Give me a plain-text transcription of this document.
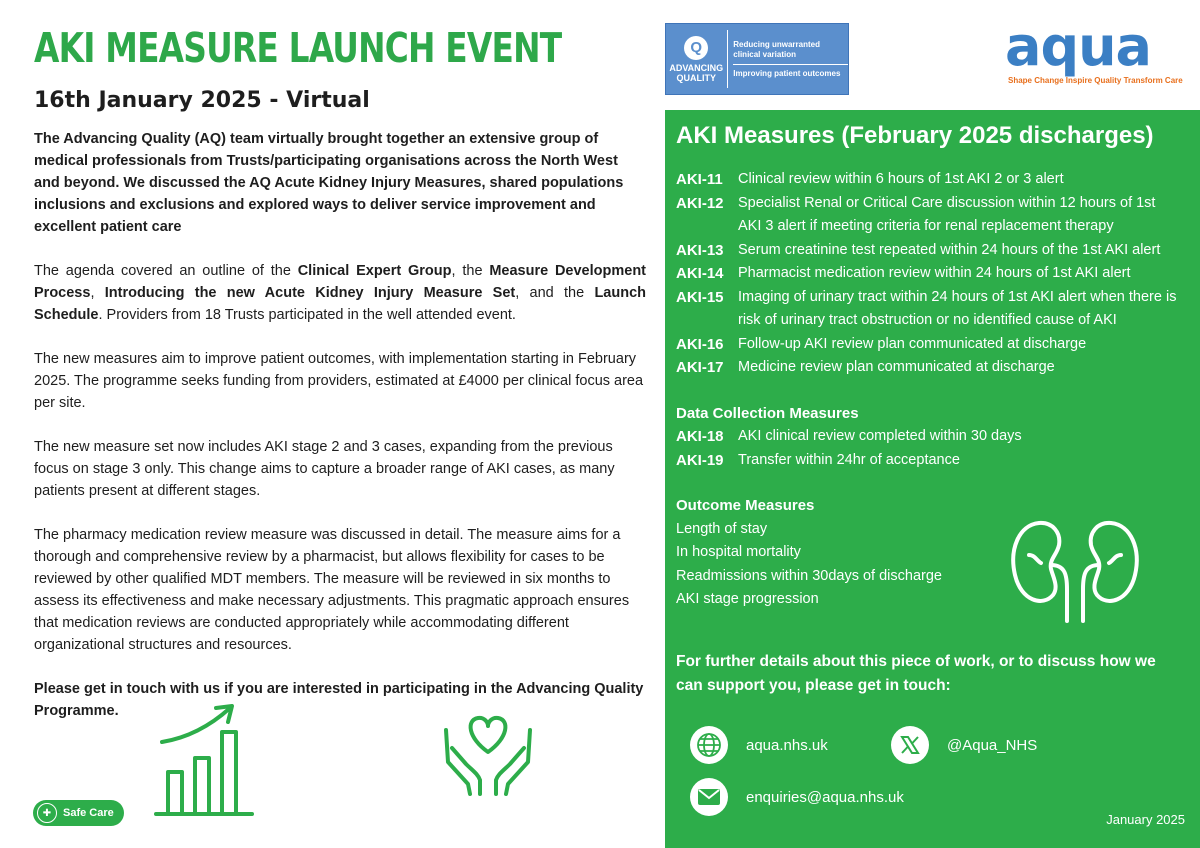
AKI MEASURE LAUNCH EVENT
16th January 2025 - Virtual

The Advancing Quality (AQ) team virtually brought together an extensive group of medical professionals from Trusts/participating organisations across the North West and beyond. We discussed the AQ Acute Kidney Injury Measures, shared populations inclusions and exclusions and explored ways to deliver service improvement and excellent patient care

The agenda covered an outline of the Clinical Expert Group, the Measure Development Process, Introducing the new Acute Kidney Injury Measure Set, and the Launch Schedule. Providers from 18 Trusts participated in the well attended event.

The new measures aim to improve patient outcomes, with implementation starting in February 2025. The programme seeks funding from providers, estimated at £4000 per clinical focus area per site.

The new measure set now includes AKI stage 2 and 3 cases, expanding from the previous focus on stage 3 only. This change aims to capture a broader range of AKI cases, as many patients present at different stages.

The pharmacy medication review measure was discussed in detail. The measure aims for a thorough and comprehensive review by a pharmacist, but allows flexibility for cases to be reviewed by other qualified MDT members. The measure will be reviewed in six months to assess its effectiveness and make necessary adjustments. This pragmatic approach ensures that medication reviews are conducted appropriately while accommodating different organizational structures and resources.

Please get in touch with us if you are interested in participating in the Advancing Quality Programme.

✚	Safe Care
Q
ADVANCING QUALITY
Reducing unwarranted clinical variation
Improving patient outcomes	aqua
Shape Change Inspire Quality Transform Care
AKI Measures (February 2025 discharges)
AKI-11	Clinical review within 6 hours of 1st AKI 2 or 3 alert
AKI-12 Specialist Renal or Critical Care discussion within 12 hours of 1st AKI 3 alert if meeting criteria for renal replacement therapy
AKI-13 Serum creatinine test repeated within 24 hours of the 1st AKI alert
AKI-14 Pharmacist medication review within 24 hours of 1st AKI alert
AKI-15 Imaging of urinary tract within 24 hours of 1st AKI alert when there is risk of urinary tract obstruction or no identified cause of AKI
AKI-16 Follow-up AKI review plan communicated at discharge
AKI-17 Medicine review plan communicated at discharge
Data Collection Measures
AKI-18 AKI clinical review completed within 30 days
AKI-19 Transfer within 24hr of acceptance
Outcome Measures
Length of stay
In hospital mortality
Readmissions within 30days of discharge
AKI stage progression
For further details about this piece of work, or to discuss how we can support you, please get in touch:
aqua.nhs.uk	@Aqua_NHS
enquiries@aqua.nhs.uk
January 2025
